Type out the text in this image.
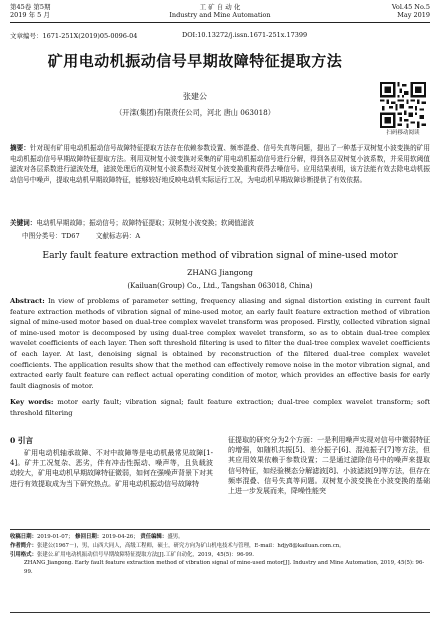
第45卷 第5期
2019 年 5 月
工 矿 自 动 化
Industry and Mine Automation
Vol.45 No.5
May 2019
文章编号：1671-251X(2019)05-0096-04	DOI:10.13272/j.issn.1671-251x.17399
矿用电动机振动信号早期故障特征提取方法
张建公
（开滦(集团)有限责任公司，河北 唐山 063018）
扫码移动阅读
摘要：针对现有矿用电动机振动信号故障特征提取方法存在依赖参数设置、频率混叠、信号失真等问题，提出了一种基于双树复小波变换的矿用电动机振动信号早期故障特征提取方法。利用双树复小波变换对采集的矿用电动机振动信号进行分解，得到各层双树复小波系数，并采用软阈值滤波对各层系数进行滤波处理，滤波处理后的双树复小波系数经双树复小波变换重构获得去噪信号。应用结果表明，该方法能有效去除电动机振动信号中噪声，提取电动机早期故障特征，能够较好地反映电动机实际运行工况，为电动机早期故障诊断提供了有效依据。
关键词：电动机早期故障；振动信号；故障特征提取；双树复小波变换；软阈值滤波
中图分类号：TD67 文献标志码：A
Early fault feature extraction method of vibration signal of mine-used motor
ZHANG Jiangong
(Kailuan(Group) Co., Ltd., Tangshan 063018, China)
Abstract: In view of problems of parameter setting, frequency aliasing and signal distortion existing in current fault feature extraction methods of vibration signal of mine-used motor, an early fault feature extraction method of vibration signal of mine-used motor based on dual-tree complex wavelet transform was proposed. Firstly, collected vibration signal of mine-used motor is decomposed by using dual-tree complex wavelet transform, so as to obtain dual-tree complex wavelet coefficients of each layer. Then soft threshold filtering is used to filter the dual-tree complex wavelet coefficients of each layer. At last, denoising signal is obtained by reconstruction of the filtered dual-tree complex wavelet coefficients. The application results show that the method can effectively remove noise in the motor vibration signal, and extracted early fault feature can reflect actual operating condition of motor, which provides an effective basis for early fault diagnosis of motor.
Key words: motor early fault; vibration signal; fault feature extraction; dual-tree complex wavelet transform; soft threshold filtering
0 引言
矿用电动机轴承故障、不对中故障等是电动机最常见故障[1-4]。矿井工况复杂、恶劣，伴有冲击性振动、噪声等，且负载波动较大，矿用电动机早期故障特征微弱，如何在强噪声背景下对其进行有效提取成为当下研究热点。矿用电动机振动信号故障特
征提取的研究分为2个方面：一是利用噪声实现对信号中微弱特征的增强，如随机共振[5]、差分振子[6]、混沌振子[7]等方法，但其应用效果依赖于参数设置；二是通过滤除信号中的噪声来提取信号特征，如经验模态分解滤波[8]、小波滤波[9]等方法，但存在频率混叠、信号失真等问题。双树复小波变换在小波变换的基础上进一步发展而来，降噪性能突
收稿日期：2019-01-07； 修回日期：2019-04-26； 责任编辑：盛男。
作者简介：张建公(1967－)，男，山西大同人，高级工程师，硕士，研究方向为矿山机电技术与管理，E-mail：hdjy8@kailuan.com.cn。
引用格式：张建公.矿用电动机振动信号早期故障特征提取方法[J].工矿自动化，2019，45(5)：96-99.
ZHANG Jiangong. Early fault feature extraction method of vibration signal of mine-used motor[J]. Industry and Mine Automation, 2019, 45(5): 96-99.
